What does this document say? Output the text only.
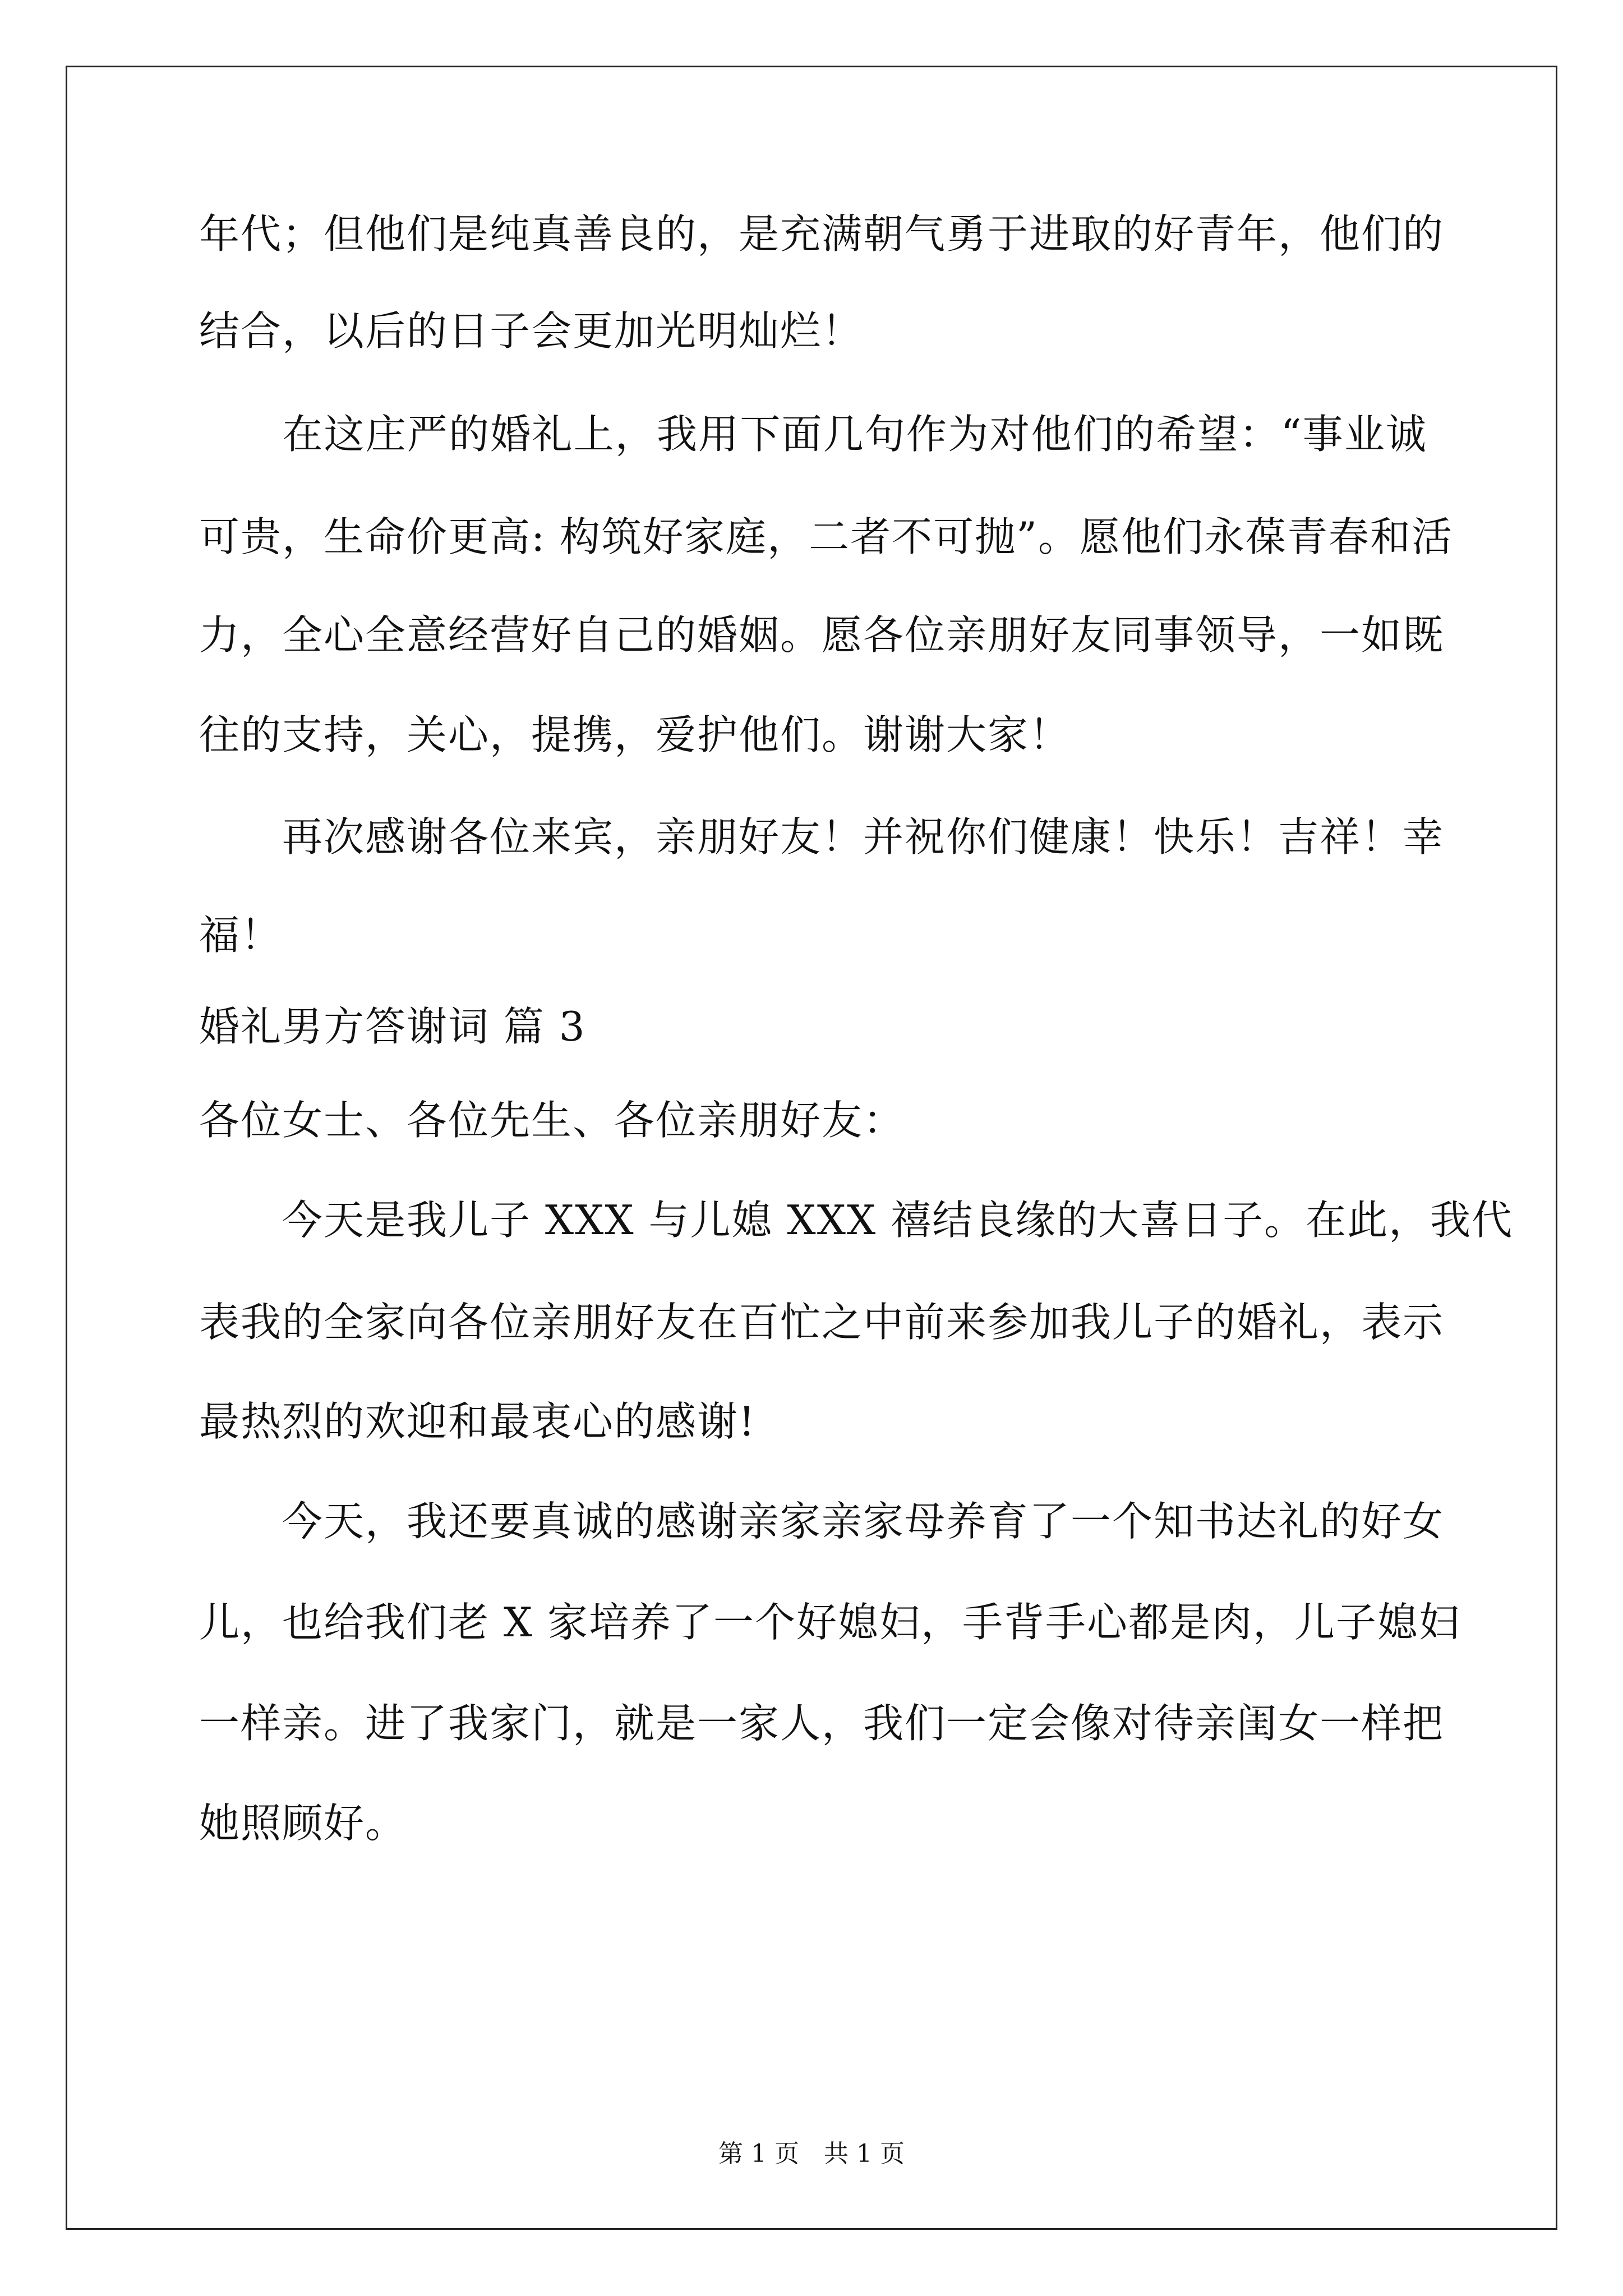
年代；但他们是纯真善良的，是充满朝气勇于进取的好青年，他们的
结合，以后的日子会更加光明灿烂！
　　在这庄严的婚礼上，我用下面几句作为对他们的希望：“事业诚
可贵，生命价更高: 构筑好家庭，二者不可抛”。愿他们永葆青春和活
力，全心全意经营好自己的婚姻。愿各位亲朋好友同事领导，一如既
往的支持，关心，提携，爱护他们。谢谢大家！
　　再次感谢各位来宾，亲朋好友！并祝你们健康！快乐！吉祥！幸
福！
婚礼男方答谢词 篇 3
各位女士、各位先生、各位亲朋好友：
　　今天是我儿子 XXX 与儿媳 XXX 禧结良缘的大喜日子。在此，我代
表我的全家向各位亲朋好友在百忙之中前来参加我儿子的婚礼，表示
最热烈的欢迎和最衷心的感谢!
　　今天，我还要真诚的感谢亲家亲家母养育了一个知书达礼的好女
儿，也给我们老 X 家培养了一个好媳妇，手背手心都是肉，儿子媳妇
一样亲。进了我家门，就是一家人，我们一定会像对待亲闺女一样把
她照顾好。
第 1 页　共 1 页
